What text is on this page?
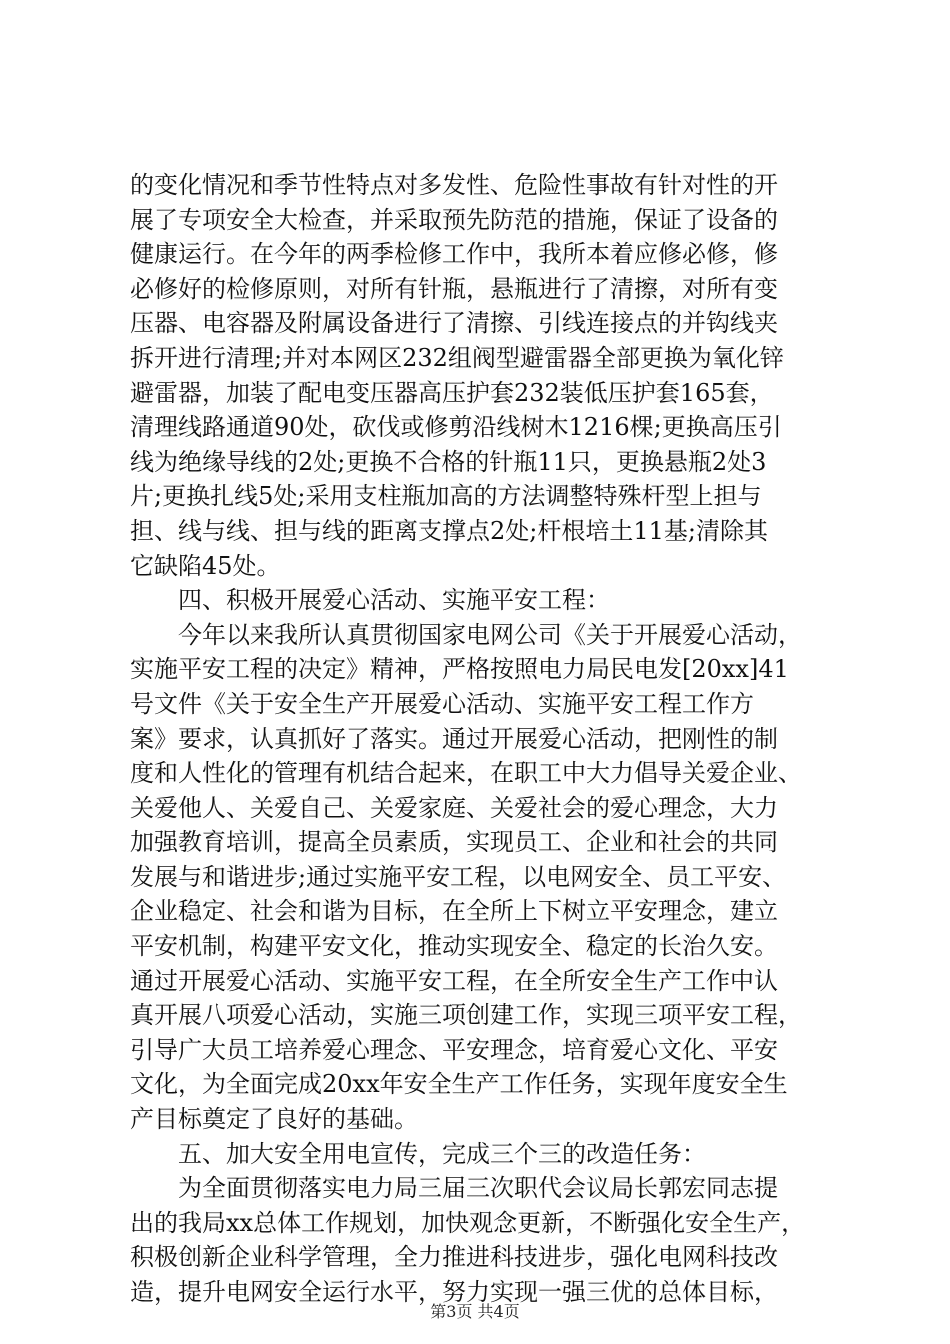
的变化情况和季节性特点对多发性、危险性事故有针对性的开
展了专项安全大检查，并采取预先防范的措施，保证了设备的
健康运行。在今年的两季检修工作中，我所本着应修必修，修
必修好的检修原则，对所有针瓶，悬瓶进行了清擦，对所有变
压器、电容器及附属设备进行了清擦、引线连接点的并钩线夹
拆开进行清理;并对本网区232组阀型避雷器全部更换为氧化锌
避雷器，加装了配电变压器高压护套232装低压护套165套，
清理线路通道90处，砍伐或修剪沿线树木1216棵;更换高压引
线为绝缘导线的2处;更换不合格的针瓶11只，更换悬瓶2处3
片;更换扎线5处;采用支柱瓶加高的方法调整特殊杆型上担与
担、线与线、担与线的距离支撑点2处;杆根培土11基;清除其
它缺陷45处。
　　四、积极开展爱心活动、实施平安工程：
　　今年以来我所认真贯彻国家电网公司《关于开展爱心活动，
实施平安工程的决定》精神，严格按照电力局民电发[20xx]41
号文件《关于安全生产开展爱心活动、实施平安工程工作方
案》要求，认真抓好了落实。通过开展爱心活动，把刚性的制
度和人性化的管理有机结合起来，在职工中大力倡导关爱企业、
关爱他人、关爱自己、关爱家庭、关爱社会的爱心理念，大力
加强教育培训，提高全员素质，实现员工、企业和社会的共同
发展与和谐进步;通过实施平安工程，以电网安全、员工平安、
企业稳定、社会和谐为目标，在全所上下树立平安理念，建立
平安机制，构建平安文化，推动实现安全、稳定的长治久安。
通过开展爱心活动、实施平安工程，在全所安全生产工作中认
真开展八项爱心活动，实施三项创建工作，实现三项平安工程，
引导广大员工培养爱心理念、平安理念，培育爱心文化、平安
文化，为全面完成20xx年安全生产工作任务，实现年度安全生
产目标奠定了良好的基础。
　　五、加大安全用电宣传，完成三个三的改造任务：
　　为全面贯彻落实电力局三届三次职代会议局长郭宏同志提
出的我局xx总体工作规划，加快观念更新，不断强化安全生产，
积极创新企业科学管理，全力推进科技进步，强化电网科技改
造，提升电网安全运行水平，努力实现一强三优的总体目标，
第3页 共4页
